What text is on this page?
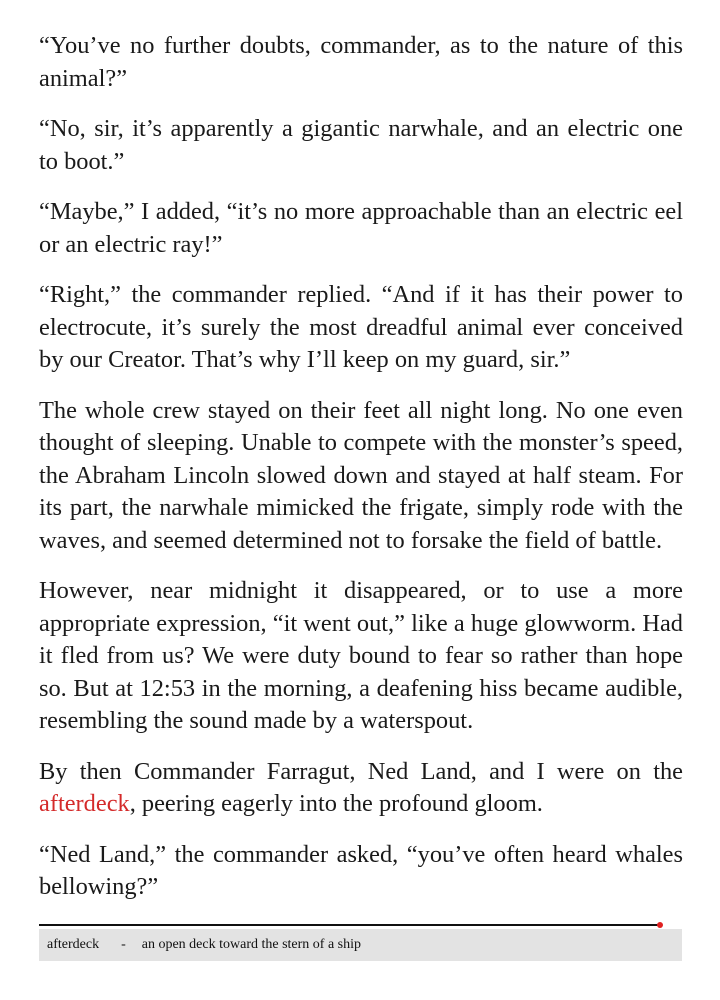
“You’ve no further doubts, commander, as to the nature of this animal?”

“No, sir, it’s apparently a gigantic narwhale, and an electric one to boot.”

“Maybe,” I added, “it’s no more approachable than an electric eel or an electric ray!”

“Right,” the commander replied. “And if it has their power to electrocute, it’s surely the most dreadful animal ever conceived by our Creator. That’s why I’ll keep on my guard, sir.”

The whole crew stayed on their feet all night long. No one even thought of sleeping. Unable to compete with the monster’s speed, the Abraham Lincoln slowed down and stayed at half steam. For its part, the narwhale mimicked the frigate, simply rode with the waves, and seemed determined not to forsake the field of battle.

However, near midnight it disappeared, or to use a more appropriate expression, “it went out,” like a huge glowworm. Had it fled from us? We were duty bound to fear so rather than hope so. But at 12:53 in the morning, a deafening hiss became audible, resembling the sound made by a waterspout.

By then Commander Farragut, Ned Land, and I were on the afterdeck, peering eagerly into the profound gloom.

“Ned Land,” the commander asked, “you’ve often heard whales bellowing?”

afterdeck - an open deck toward the stern of a ship
